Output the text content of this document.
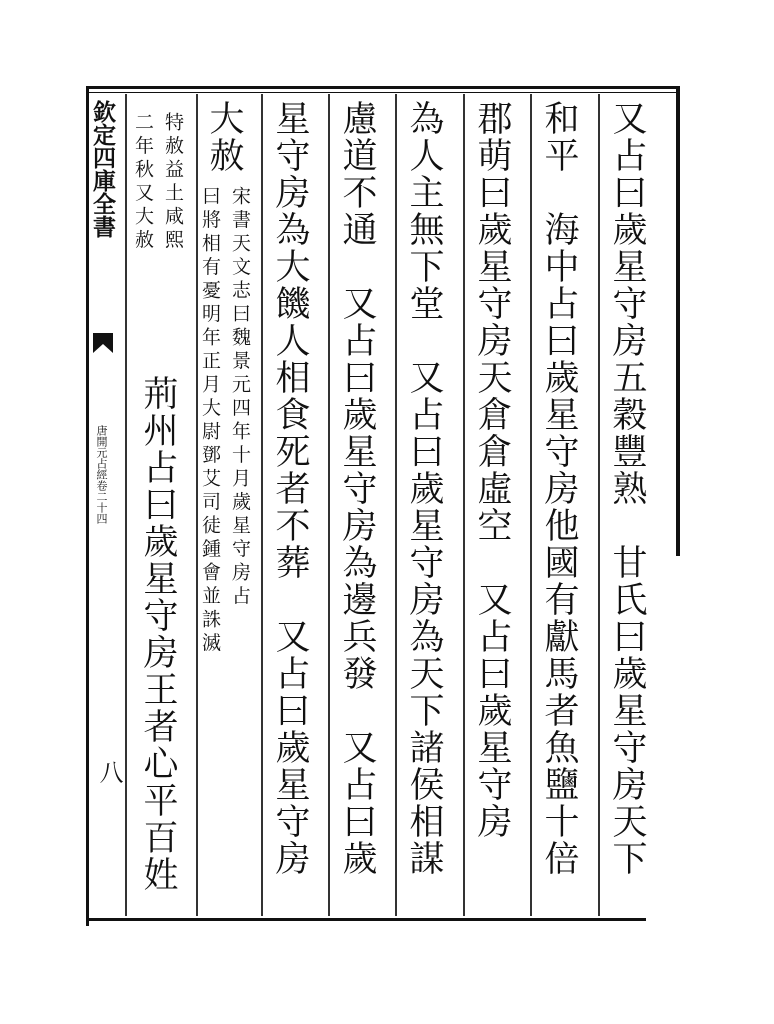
欽定四庫全書
唐開元占經卷二十四
八	又占曰歲星守房五穀豐熟　甘氏曰歲星守房天下
和平　海中占曰歲星守房他國有獻馬者魚鹽十倍
郡萌曰歲星守房天倉倉虛空　又占曰歲星守房
為人主無下堂　又占曰歲星守房為天下諸侯相謀
慮道不通　又占曰歲星守房為邊兵發　又占曰歲
星守房為大饑人相食死者不葬　又占曰歲星守房
大赦
宋書天文志曰魏景元四年十月歲星守房占
曰將相有憂明年正月大尉鄧艾司徒鍾會並誅滅
特赦益土咸熙
二年秋又大赦
荊州占曰歲星守房王者心平百姓
